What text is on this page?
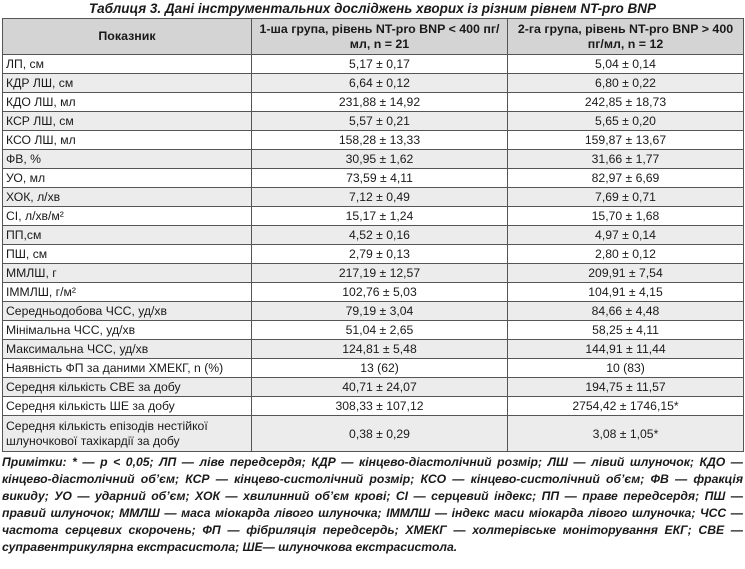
Таблиця 3. Дані інструментальних досліджень хворих із різним рівнем NT-pro BNP

Показник	1-ша група, рівень NT-pro BNP < 400 пг/мл, n = 21	2-га група, рівень NT-pro BNP > 400 пг/мл, n = 12
ЛП, см	5,17 ± 0,17	5,04 ± 0,14
КДР ЛШ, см	6,64 ± 0,12	6,80 ± 0,22
КДО ЛШ, мл	231,88 ± 14,92	242,85 ± 18,73
КСР ЛШ, см	5,57 ± 0,21	5,65 ± 0,20
КСО ЛШ, мл	158,28 ± 13,33	159,87 ± 13,67
ФВ, %	30,95 ± 1,62	31,66 ± 1,77
УО, мл	73,59 ± 4,11	82,97 ± 6,69
ХОК, л/хв	7,12 ± 0,49	7,69 ± 0,71
СІ, л/хв/м²	15,17 ± 1,24	15,70 ± 1,68
ПП,см	4,52 ± 0,16	4,97 ± 0,14
ПШ, см	2,79 ± 0,13	2,80 ± 0,12
ММЛШ, г	217,19 ± 12,57	209,91 ± 7,54
ІММЛШ, г/м²	102,76 ± 5,03	104,91 ± 4,15
Середньодобова ЧСС, уд/хв	79,19 ± 3,04	84,66 ± 4,48
Мінімальна ЧСС, уд/хв	51,04 ± 2,65	58,25 ± 4,11
Максимальна ЧСС, уд/хв	124,81 ± 5,48	144,91 ± 11,44
Наявність ФП за даними ХМЕКГ, n (%)	13 (62)	10 (83)
Середня кількість СВЕ за добу	40,71 ± 24,07	194,75 ± 11,57
Середня кількість ШЕ за добу	308,33 ± 107,12	2754,42 ± 1746,15*
Середня кількість епізодів нестійкої шлуночкової тахікардії за добу	0,38 ± 0,29	3,08 ± 1,05*
Примітки: * — p < 0,05; ЛП — ліве передсердя; КДР — кінцево-діастолічний розмір; ЛШ — лівий шлуночок; КДО — кінцево-діастолічний об’єм; КСР — кінцево-систолічний розмір; КСО — кінцево-систолічний об’єм; ФВ — фракція викиду; УО — ударний об’єм; ХОК — хвилинний об’єм крові; СІ — серцевий індекс; ПП — праве передсердя; ПШ — правий шлуночок; ММЛШ — маса міокарда лівого шлуночка; ІММЛШ — індекс маси міокарда лівого шлуночка; ЧСС — частота серцевих скорочень; ФП — фібриляція передсердь; ХМЕКГ — холтерівське моніторування ЕКГ; СВЕ — суправентрикулярна екстрасистола; ШЕ— шлуночкова екстрасистола.
